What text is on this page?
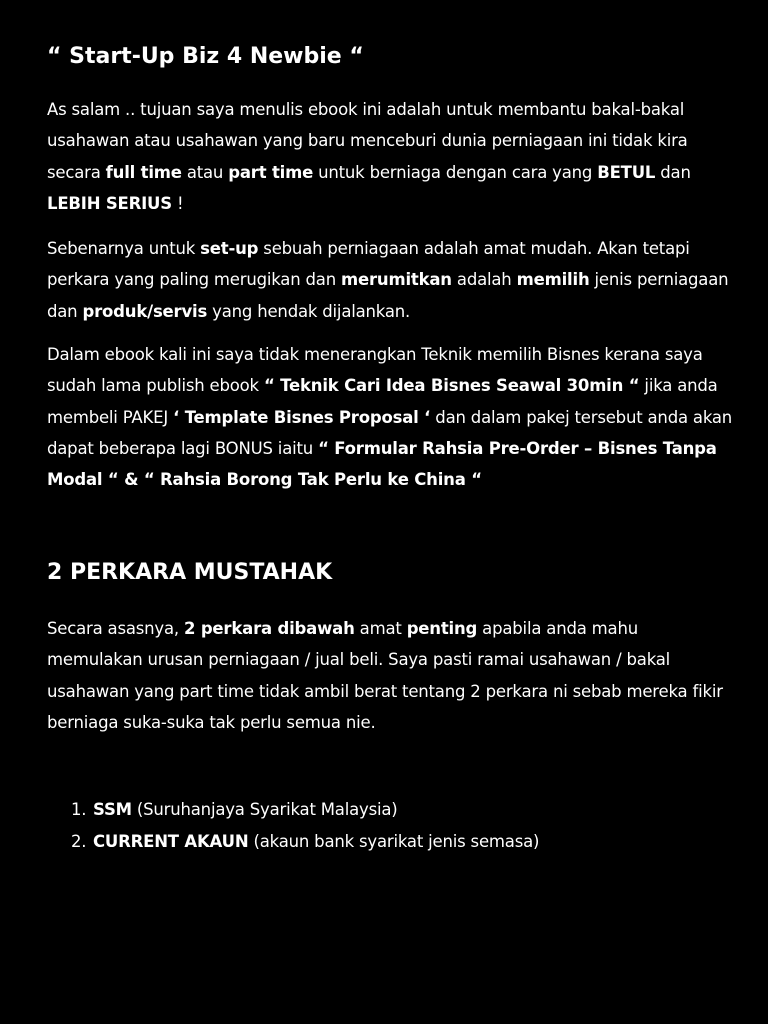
“ Start-Up Biz 4 Newbie “

As salam .. tujuan saya menulis ebook ini adalah untuk membantu bakal-bakal usahawan atau usahawan yang baru menceburi dunia perniagaan ini tidak kira secara full time atau part time untuk berniaga dengan cara yang BETUL dan LEBIH SERIUS !

Sebenarnya untuk set-up sebuah perniagaan adalah amat mudah. Akan tetapi perkara yang paling merugikan dan merumitkan adalah memilih jenis perniagaan dan produk/servis yang hendak dijalankan.

Dalam ebook kali ini saya tidak menerangkan Teknik memilih Bisnes kerana saya sudah lama publish ebook “ Teknik Cari Idea Bisnes Seawal 30min “ jika anda membeli PAKEJ ‘ Template Bisnes Proposal ‘ dan dalam pakej tersebut anda akan dapat beberapa lagi BONUS iaitu “ Formular Rahsia Pre-Order – Bisnes Tanpa Modal “ & “ Rahsia Borong Tak Perlu ke China “

2 PERKARA MUSTAHAK

Secara asasnya, 2 perkara dibawah amat penting apabila anda mahu memulakan urusan perniagaan / jual beli. Saya pasti ramai usahawan / bakal usahawan yang part time tidak ambil berat tentang 2 perkara ni sebab mereka fikir berniaga suka-suka tak perlu semua nie.

1. SSM (Suruhanjaya Syarikat Malaysia)
2. CURRENT AKAUN (akaun bank syarikat jenis semasa)
